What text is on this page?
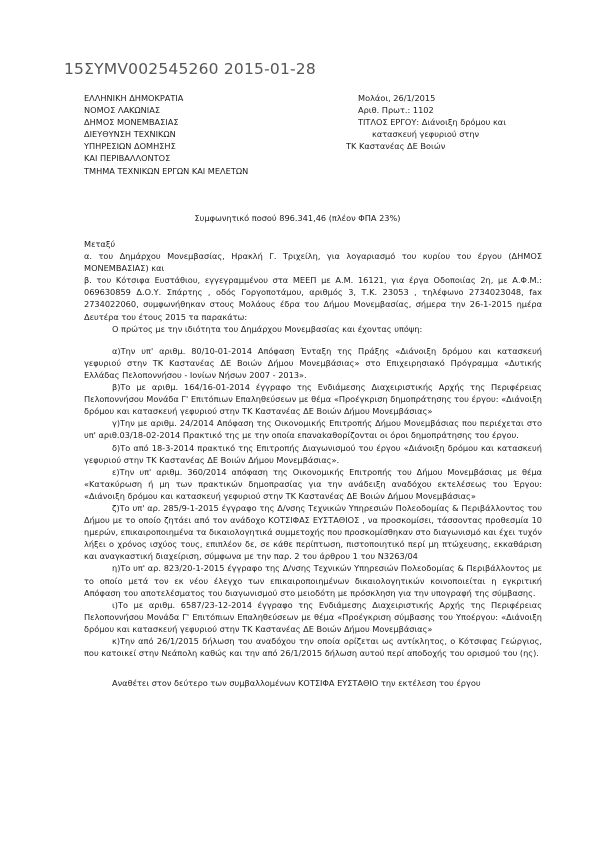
15ΣΥΜV002545260 2015-01-28
ΕΛΛΗΝΙΚΗ ΔΗΜΟΚΡΑΤΙΑ
ΝΟΜΟΣ ΛΑΚΩΝΙΑΣ
ΔΗΜΟΣ ΜΟΝΕΜΒΑΣΙΑΣ
ΔΙΕΥΘΥΝΣΗ ΤΕΧΝΙΚΩΝ
ΥΠΗΡΕΣΙΩΝ ΔΟΜΗΣΗΣ
ΚΑΙ ΠΕΡΙΒΑΛΛΟΝΤΟΣ
ΤΜΗΜΑ ΤΕΧΝΙΚΩΝ ΕΡΓΩΝ ΚΑΙ ΜΕΛΕΤΩΝ
Μολάοι, 26/1/2015
Αριθ. Πρωτ.: 1102
ΤΙΤΛΟΣ ΕΡΓΟΥ: Διάνοιξη δρόμου και
κατασκευή γεφυριού στην
ΤΚ Καστανέας ΔΕ Βοιών
Συμφωνητικό ποσού 896.341,46 (πλέον ΦΠΑ 23%)

Μεταξύ

α. του Δημάρχου Μονεμβασίας, Ηρακλή Γ. Τριχείλη, για λογαριασμό του κυρίου του έργου (ΔΗΜΟΣ ΜΟΝΕΜΒΑΣΙΑΣ) και

β. του Κότσιφα Ευστάθιου, εγγεγραμμένου στα ΜΕΕΠ με Α.Μ. 16121, για έργα Οδοποιίας 2η, με Α.Φ.Μ.: 069630859 Δ.Ο.Υ. Σπάρτης , οδός Γοργοποτάμου, αριθμός 3, Τ.Κ. 23053 , τηλέφωνο 2734023048, fax 2734022060, συμφωνήθηκαν στους Μολάους έδρα του Δήμου Μονεμβασίας, σήμερα την 26-1-2015 ημέρα Δευτέρα του έτους 2015 τα παρακάτω:

Ο πρώτος με την ιδιότητα του Δημάρχου Μονεμβασίας και έχοντας υπόψη:

α)Την υπ' αριθμ. 80/10-01-2014 Απόφαση Ένταξη της Πράξης «Διάνοιξη δρόμου και κατασκευή γεφυριού στην ΤΚ Καστανέας ΔΕ Βοιών Δήμου Μονεμβάσιας» στο Επιχειρησιακό Πρόγραμμα «Δυτικής Ελλάδας Πελοποννήσου - Ιονίων Νήσων 2007 - 2013».

β)Το με αριθμ. 164/16-01-2014 έγγραφο της Ενδιάμεσης Διαχειριστικής Αρχής της Περιφέρειας Πελοποννήσου Μονάδα Γ' Επιτόπιων Επαληθεύσεων με θέμα «Προέγκριση δημοπράτησης του έργου: «Διάνοιξη δρόμου και κατασκευή γεφυριού στην ΤΚ Καστανέας ΔΕ Βοιών Δήμου Μονεμβάσιας»

γ)Την με αριθμ. 24/2014 Απόφαση της Οικονομικής Επιτροπής Δήμου Μονεμβάσιας που περιέχεται στο υπ' αριθ.03/18-02-2014 Πρακτικό της με την οποία επαναkαθορίζονται οι όροι δημοπράτησης του έργου.

δ)Το από 18-3-2014 πρακτικό της Επιτροπής Διαγωνισμού του έργου «Διάνοιξη δρόμου και κατασκευή γεφυριού στην ΤΚ Καστανέας ΔΕ Βοιών Δήμου Μονεμβάσιας».

ε)Την υπ' αριθμ. 360/2014 απόφαση της Οικονομικής Επιτροπής του Δήμου Μονεμβάσιας με θέμα «Κατακύρωση ή μη των πρακτικών δημοπρασίας για την ανάδειξη αναδόχου εκτελέσεως του Έργου: «Διάνοιξη δρόμου και κατασκευή γεφυριού στην ΤΚ Καστανέας ΔΕ Βοιών Δήμου Μονεμβάσιας»

ζ)Το υπ' αρ. 285/9-1-2015 έγγραφο της Δ/νσης Τεχνικών Υπηρεσιών Πολεοδομίας & Περιβάλλοντος του Δήμου με το οποίο ζητάει από τον ανάδοχο ΚΟΤΣΙΦΑΣ ΕΥΣΤΑΘΙΟΣ , να προσκομίσει, τάσσοντας προθεσμία 10 ημερών, επικαιροποιημένα τα δικαιολογητικά συμμετοχής που προσκομίσθηκαν στο διαγωνισμό και έχει τυχόν λήξει ο χρόνος ισχύος τους, επιπλέον δε, σε κάθε περίπτωση, πιστοποιητικό περί μη πτώχευσης, εκκαθάριση και αναγκαστική διαχείριση, σύμφωνα με την παρ. 2 του άρθρου 1 του Ν3263/04

η)Το υπ' αρ. 823/20-1-2015 έγγραφο της Δ/νσης Τεχνικών Υπηρεσιών Πολεοδομίας & Περιβάλλοντος με το οποίο μετά τον εκ νέου έλεγχο των επικαιροποιημένων δικαιολογητικών κοινοποιείται η εγκριτική Απόφαση του αποτελέσματος του διαγωνισμού στο μειοδότη με πρόσκληση για την υπογραφή της σύμβασης.

ι)Το με αριθμ. 6587/23-12-2014 έγγραφο της Ενδιάμεσης Διαχειριστικής Αρχής της Περιφέρειας Πελοποννήσου Μονάδα Γ' Επιτόπιων Επαληθεύσεων με θέμα «Προέγκριση σύμβασης του Υποέργου: «Διάνοιξη δρόμου και κατασκευή γεφυριού στην ΤΚ Καστανέας ΔΕ Βοιών Δήμου Μονεμβάσιας»

κ)Την από 26/1/2015 δήλωση του αναδόχου την οποία ορίζεται ως αντίκλητος, ο Κότσιφας Γεώργιος, που κατοικεί στην Νεάπολη καθώς και την από 26/1/2015 δήλωση αυτού περί αποδοχής του ορισμού του (ης).

Αναθέτει στον δεύτερο των συμβαλλομένων ΚΟΤΣΙΦΑ ΕΥΣΤΑΘΙΟ την εκτέλεση του έργου
